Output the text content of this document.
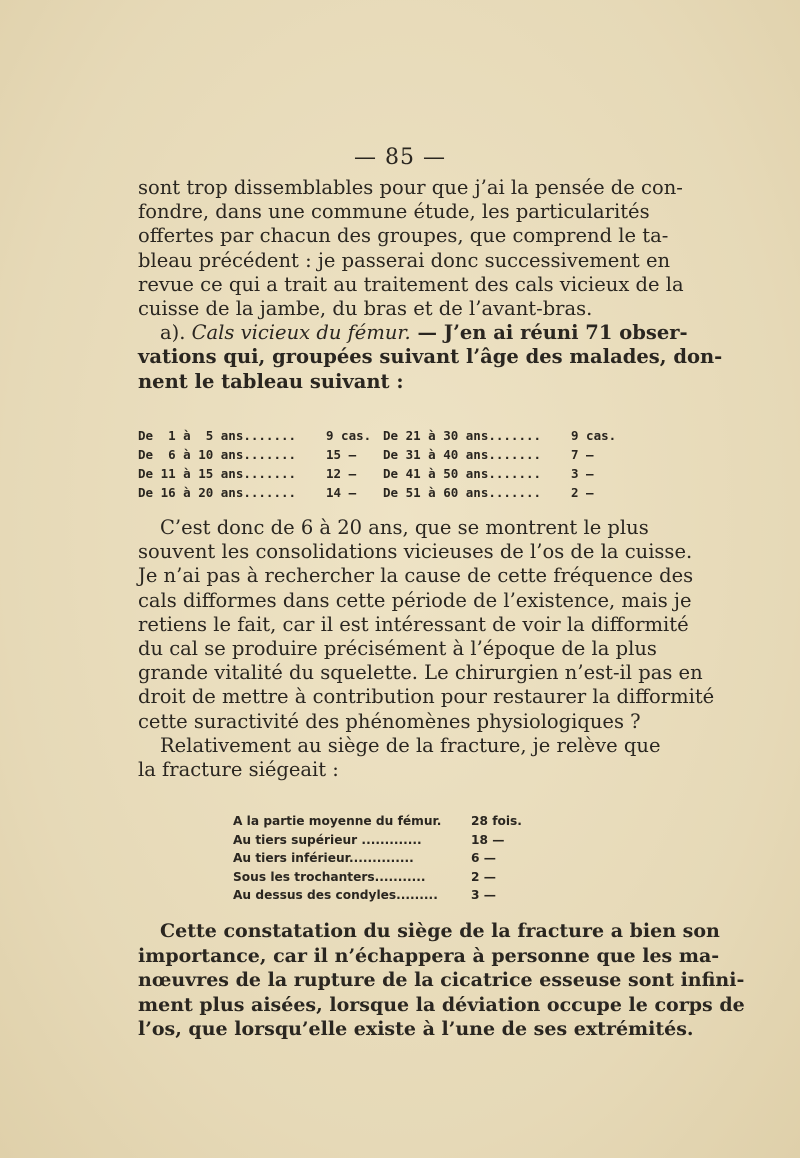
— 85 —

sont trop dissemblables pour que j’ai la pensée de con-
fondre, dans une commune étude, les particularités
offertes par chacun des groupes, que comprend le ta-
bleau précédent : je passerai donc successivement en
revue ce qui a trait au traitement des cals vicieux de la
cuisse de la jambe, du bras et de l’avant-bras.
a). Cals vicieux du fémur. — J’en ai réuni 71 obser-
vations qui, groupées suivant l’âge des malades, don-
nent le tableau suivant :

De  1 à  5 ans.......	9 cas. De 21 à 30 ans.......	9 cas.
De  6 à 10 ans.......	15 —	De 31 à 40 ans.......	7 —
De 11 à 15 ans.......	12 —	De 41 à 50 ans.......	3 —
De 16 à 20 ans.......	14 —	De 51 à 60 ans.......	2 —

C’est donc de 6 à 20 ans, que se montrent le plus
souvent les consolidations vicieuses de l’os de la cuisse.
Je n’ai pas à rechercher la cause de cette fréquence des
cals difformes dans cette période de l’existence, mais je
retiens le fait, car il est intéressant de voir la difformité
du cal se produire précisément à l’époque de la plus
grande vitalité du squelette. Le chirurgien n’est-il pas en
droit de mettre à contribution pour restaurer la difformité
cette suractivité des phénomènes physiologiques ?
Relativement au siège de la fracture, je relève que
la fracture siégeait :

A la partie moyenne du fémur.	28 fois.
Au tiers supérieur .............	18 —
Au tiers inférieur..............	6 —
Sous les trochanters...........	2 —
Au dessus des condyles.........	3 —

Cette constatation du siège de la fracture a bien son
importance, car il n’échappera à personne que les ma-
nœuvres de la rupture de la cicatrice esseuse sont infini-
ment plus aisées, lorsque la déviation occupe le corps de
l’os, que lorsqu’elle existe à l’une de ses extrémités.
